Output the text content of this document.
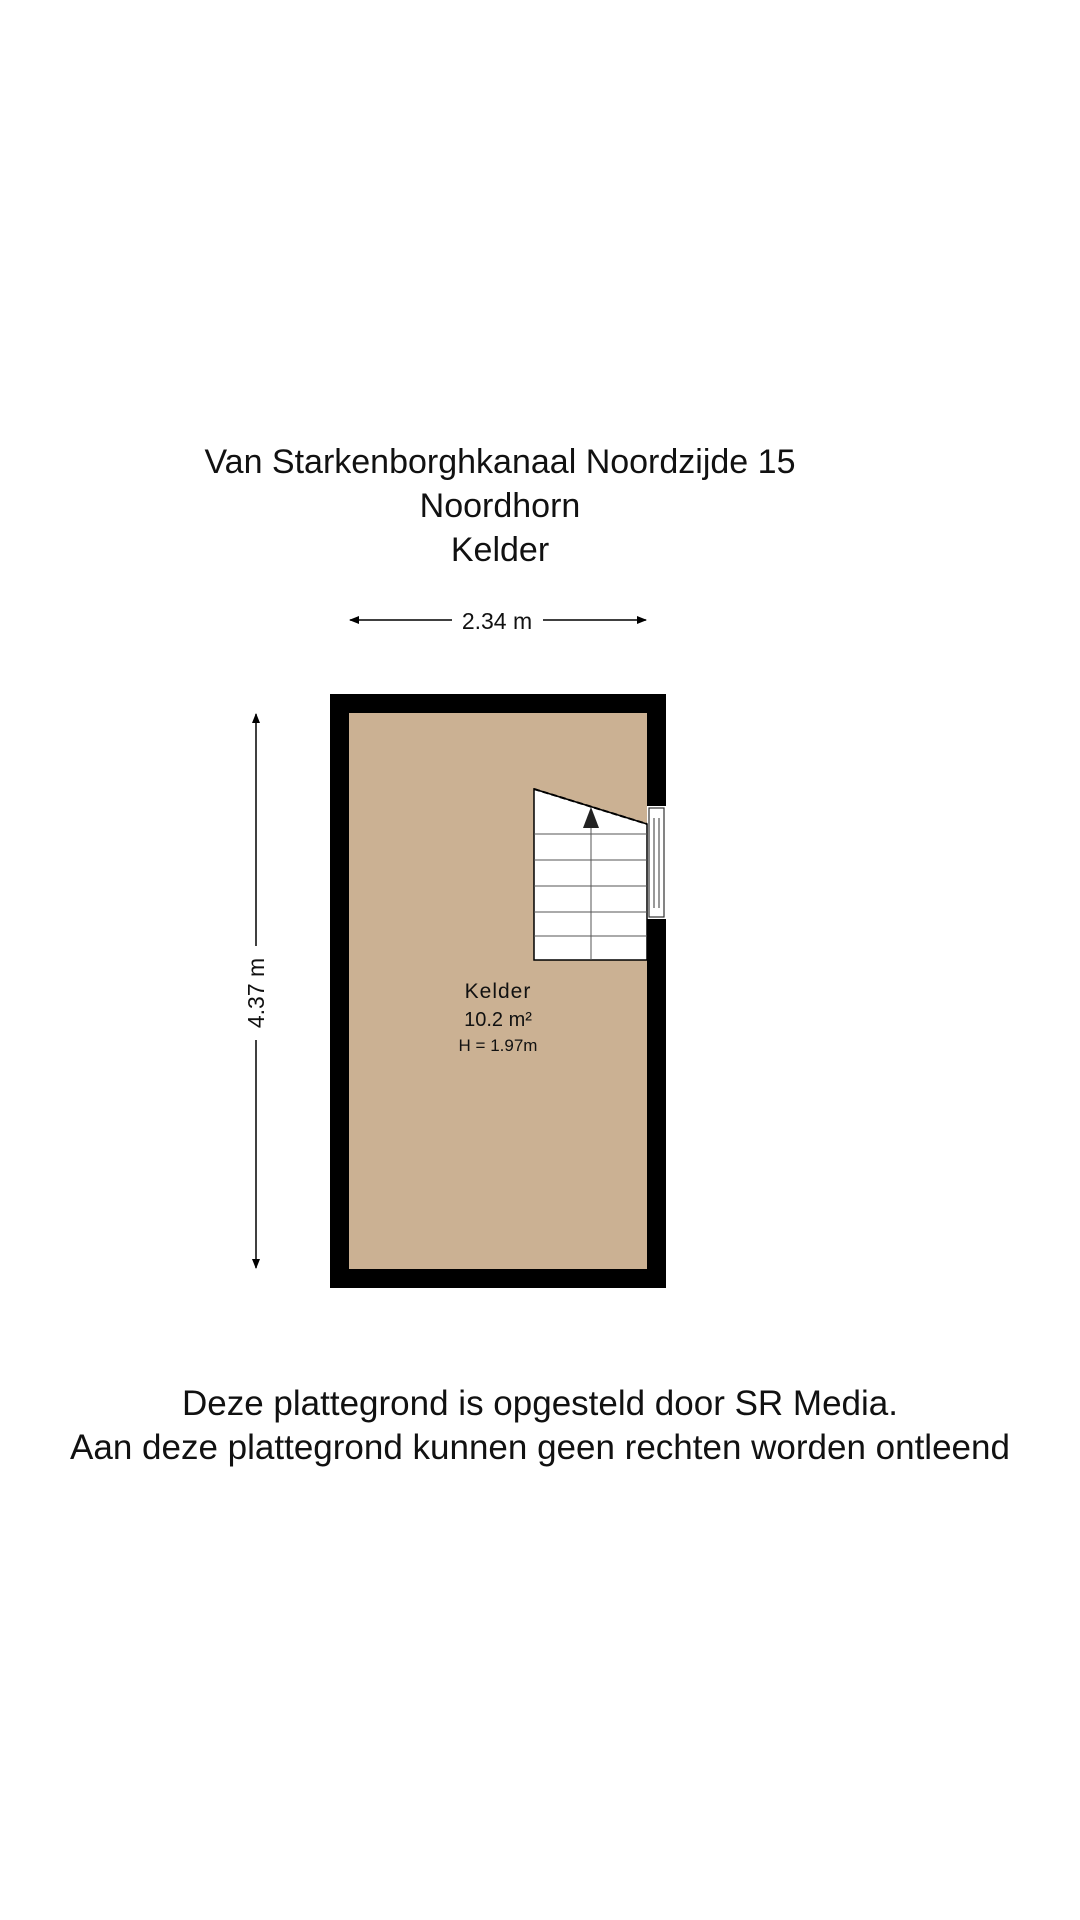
Van Starkenborghkanaal Noordzijde 15
Noordhorn
Kelder
2.34 m
4.37 m	Kelder
10.2 m²
H = 1.97m
Deze plattegrond is opgesteld door SR Media.
Aan deze plattegrond kunnen geen rechten worden ontleend
